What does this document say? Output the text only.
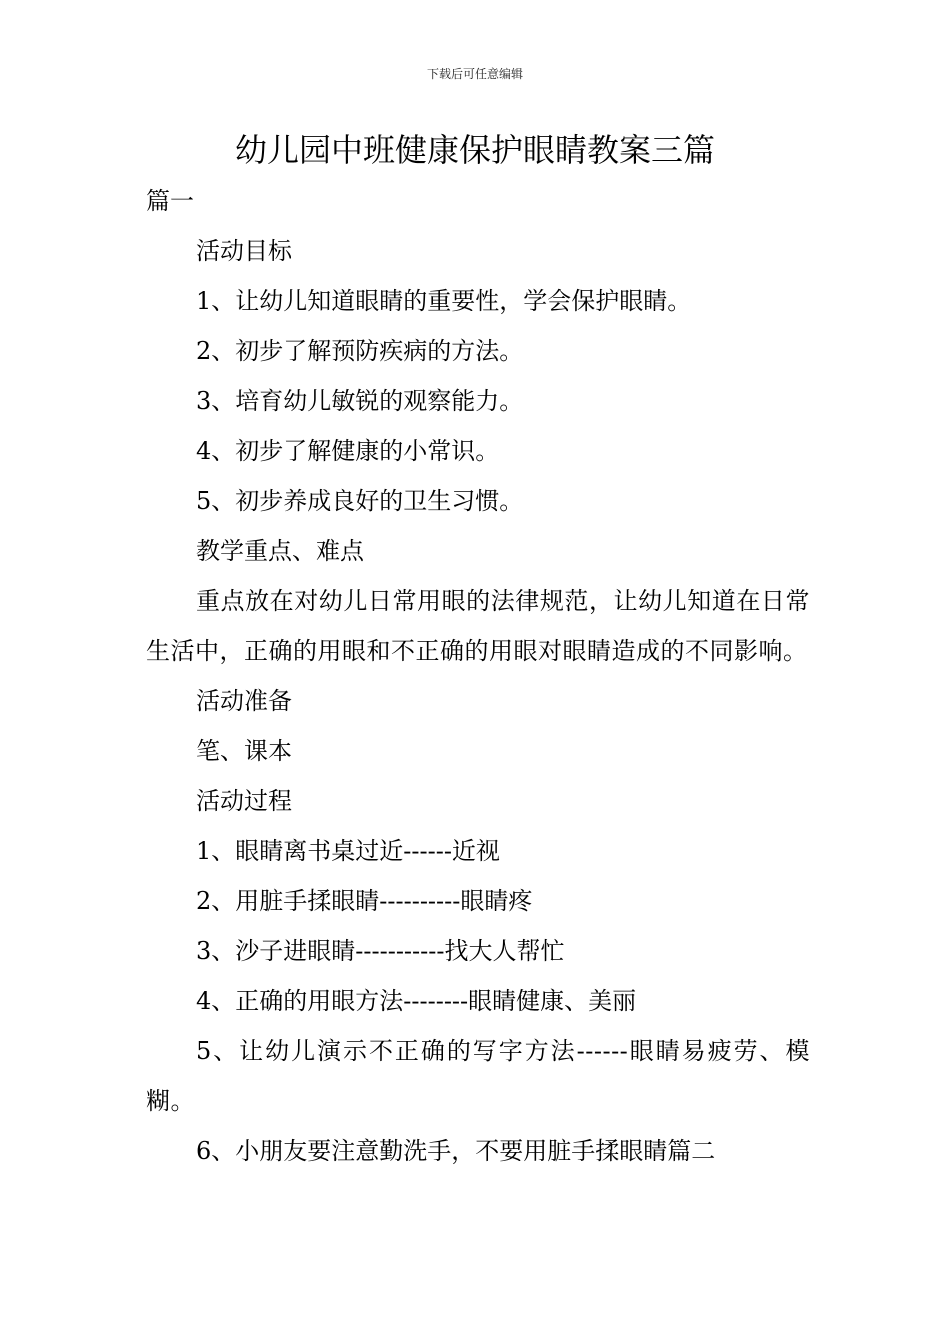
下载后可任意编辑
幼儿园中班健康保护眼睛教案三篇

篇一

活动目标

1、让幼儿知道眼睛的重要性，学会保护眼睛。

2、初步了解预防疾病的方法。

3、培育幼儿敏锐的观察能力。

4、初步了解健康的小常识。

5、初步养成良好的卫生习惯。

教学重点、难点

重点放在对幼儿日常用眼的法律规范，让幼儿知道在日常生活中，正确的用眼和不正确的用眼对眼睛造成的不同影响。

活动准备

笔、课本

活动过程

1、眼睛离书桌过近------近视

2、用脏手揉眼睛----------眼睛疼

3、沙子进眼睛-----------找大人帮忙

4、正确的用眼方法--------眼睛健康、美丽

5、让幼儿演示不正确的写字方法------眼睛易疲劳、模糊。

6、小朋友要注意勤洗手，不要用脏手揉眼睛篇二
